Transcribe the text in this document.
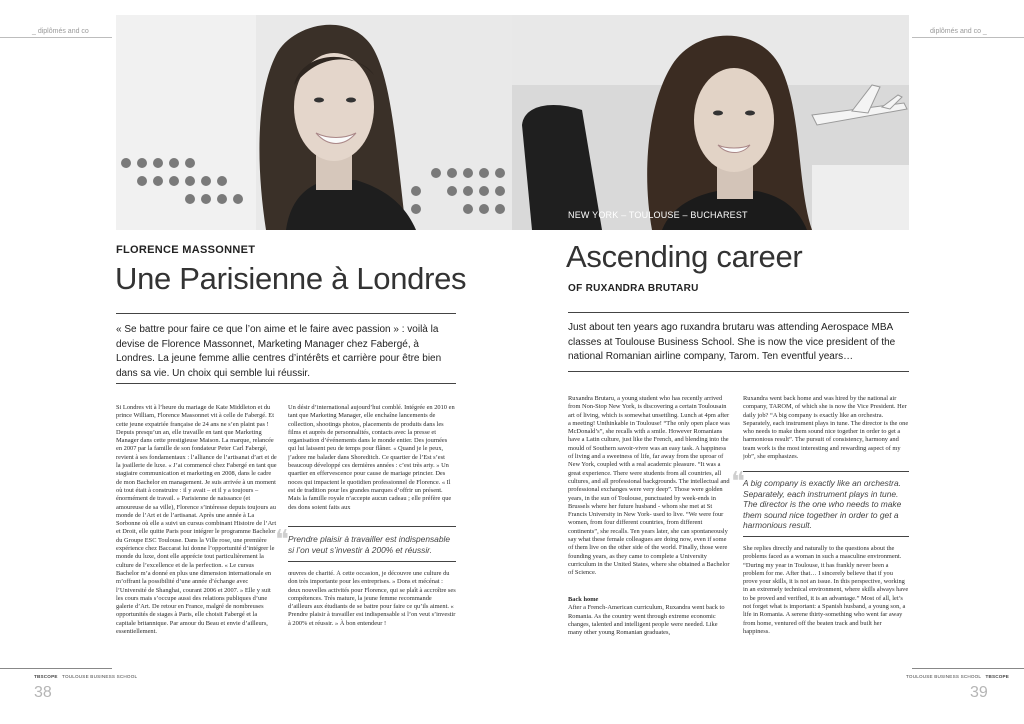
_ diplômés and co	diplômés and co _
NEW YORK – TOULOUSE – BUCHAREST
FLORENCE MASSONNET
Une Parisienne à Londres
« Se battre pour faire ce que l’on aime et le faire avec passion » : voilà la devise de Florence Massonnet, Marketing Manager chez Fabergé, à Londres. La jeune femme allie centres d’intérêts et carrière pour être bien dans sa vie. Un choix qui semble lui réussir.
Si Londres vit à l’heure du mariage de Kate Middleton et du prince William, Florence Massonnet vit à celle de Fabergé. Et cette jeune expatriée française de 24 ans ne s’en plaint pas ! Depuis presqu’un an, elle travaille en tant que Marketing Manager dans cette prestigieuse Maison. La marque, relancée en 2007 par la famille de son fondateur Peter Carl Fabergé, revient à ses fondamentaux : l’alliance de l’artisanat d’art et de la joaillerie de luxe. « J’ai commencé chez Fabergé en tant que stagiaire communication et marketing en 2008, dans le cadre de mon Bachelor en management. Je suis arrivée à un moment où tout était à construire : il y avait – et il y a toujours – énormément de travail. » Parisienne de naissance (et amoureuse de sa ville), Florence s’intéresse depuis toujours au monde de l’Art et de l’artisanat. Après une année à La Sorbonne où elle a suivi un cursus combinant Histoire de l’Art et Droit, elle quitte Paris pour intégrer le programme Bachelor du Groupe ESC Toulouse. Dans la Ville rose, une première expérience chez Baccarat lui donne l’opportunité d’intégrer le monde du luxe, dont elle apprécie tout particulièrement la culture de l’excellence et de la perfection. « Le cursus Bachelor m’a donné en plus une dimension internationale en m’offrant la possibilité d’une année d’échange avec l’Université de Shanghai, courant 2006 et 2007. » Elle y suit les cours mais s’occupe aussi des relations publiques d’une galerie d’Art. De retour en France, malgré de nombreuses opportunités de stages à Paris, elle choisit Fabergé et la capitale britannique. Par amour du Beau et envie d’ailleurs, essentiellement.
Un désir d’international aujourd’hui comblé. Intégrée en 2010 en tant que Marketing Manager, elle enchaîne lancements de collection, shootings photos, placements de produits dans les films et auprès de personnalités, contacts avec la presse et organisation d’événements dans le monde entier. Des journées qui lui laissent peu de temps pour flâner. « Quand je le peux, j’adore me balader dans Shoreditch. Ce quartier de l’Est s’est beaucoup développé ces dernières années : c’est très arty. » Un quartier en effervescence pour cause de mariage princier. Des noces qui impactent le quotidien professionnel de Florence. « Il est de tradition pour les grandes marques d’offrir un présent. Mais la famille royale n’accepte aucun cadeau ; elle préfère que des dons soient faits aux
❝ Prendre plaisir à travailler est indispensable si l’on veut s’investir à 200% et réussir.
œuvres de charité. À cette occasion, je découvre une culture du don très importante pour les entreprises. » Dons et mécénat : deux nouvelles activités pour Florence, qui se plaît à accroître ses compétences. Très mature, la jeune femme recommande d’ailleurs aux étudiants de se battre pour faire ce qu’ils aiment. « Prendre plaisir à travailler est indispensable si l’on veut s’investir à 200% et réussir. » À bon entendeur !
Ascending career
OF RUXANDRA BRUTARU
Just about ten years ago ruxandra brutaru was attending Aerospace MBA classes at Toulouse Business School. She is now the vice president of the national Romanian airline company, Tarom. Ten eventful years…
Ruxandra Brutaru, a young student who has recently arrived from Non-Stop New York, is discovering a certain Toulousain art of living, which is somewhat unsettling. Lunch at 4pm after a meeting! Unthinkable in Toulouse! “The only open place was McDonald’s”, she recalls with a smile. However Romanians have a Latin culture, just like the French, and blending into the mould of Southern savoir-vivre was an easy task. A happiness of living and a sweetness of life, far away from the uproar of New York, coupled with a real academic pleasure. “It was a great experience. There were students from all countries, all cultures, and all professional backgrounds. The intellectual and professional exchanges were very deep”. Those were golden years, in the sun of Toulouse, punctuated by week-ends in Brussels where her future husband - whom she met at St Francis University in New York- used to live. “We were four women, from four different countries, from different continents”, she recalls. Ten years later, she can spontaneously say what these female colleagues are doing now, even if some of them live on the other side of the world. Finally, those were founding years, as they came to complete a University curriculum in the United States, where she obtained a Bachelor of Science.
Back home
After a French-American curriculum, Ruxandra went back to Romania. As the country went through extreme economic changes, talented and intelligent people were needed. Like many other young Romanian graduates,
Ruxandra went back home and was hired by the national air company, TAROM, of which she is now the Vice President. Her daily job? “A big company is exactly like an orchestra. Separately, each instrument plays in tune. The director is the one who needs to make them sound nice together in order to get a harmonious result”. The pursuit of consistency, harmony and team work is the most interesting and rewarding aspect of my job”, she emphasizes.
❝
A big company is exactly like an orchestra. Separately, each instrument plays in tune. The director is the one who needs to make them sound nice together in order to get a harmonious result.
She replies directly and naturally to the questions about the problems faced as a woman in such a masculine environment. “During my year in Toulouse, it has frankly never been a problem for me. After that… I sincerely believe that if you prove your skills, it is not an issue. In this perspective, working in an extremely technical environment, where skills always have to be proved and verified, it is an advantage.” Most of all, let’s not forget what is important: a Spanish husband, a young son, a life in Romania. A serene thirty-something who went far away from home, ventured off the beaten track and built her happiness.
TBSCOPE TOULOUSE BUSINESS SCHOOL
38
TOULOUSE BUSINESS SCHOOL TBSCOPE
39
